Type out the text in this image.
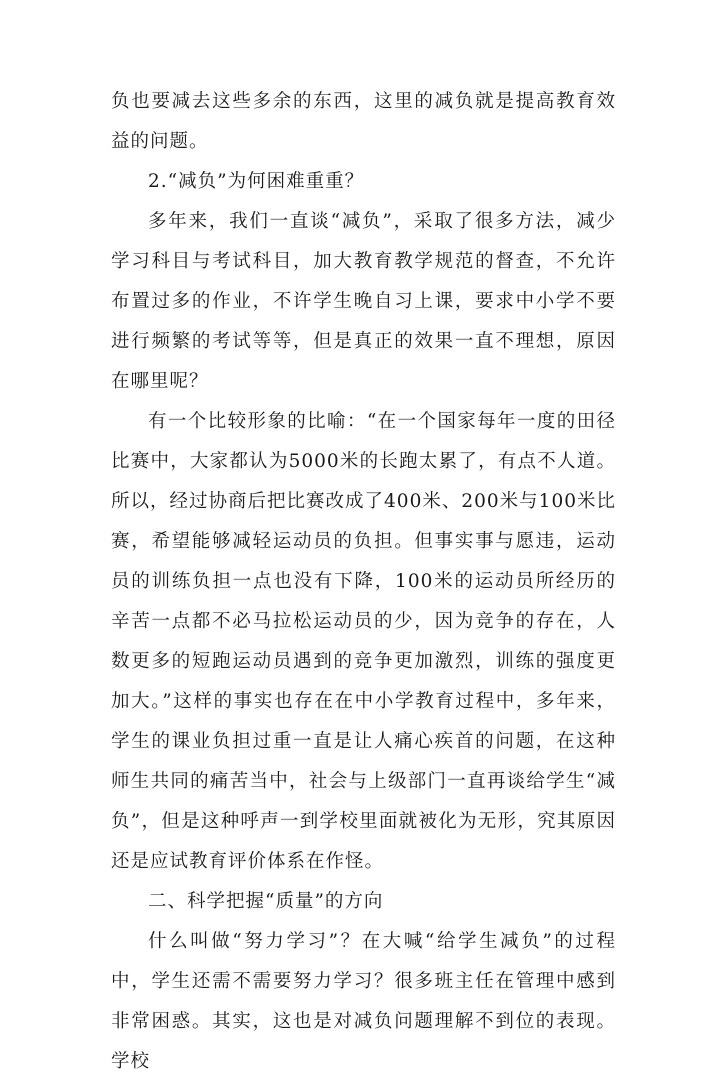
负也要减去这些多余的东西，这里的减负就是提高教育效益的问题。

2.“减负”为何困难重重？

多年来，我们一直谈“减负”，采取了很多方法，减少学习科目与考试科目，加大教育教学规范的督查，不允许布置过多的作业，不许学生晚自习上课，要求中小学不要进行频繁的考试等等，但是真正的效果一直不理想，原因在哪里呢？

有一个比较形象的比喻：“在一个国家每年一度的田径比赛中，大家都认为5000米的长跑太累了，有点不人道。所以，经过协商后把比赛改成了400米、200米与100米比赛，希望能够减轻运动员的负担。但事实事与愿违，运动员的训练负担一点也没有下降，100米的运动员所经历的辛苦一点都不必马拉松运动员的少，因为竞争的存在，人数更多的短跑运动员遇到的竞争更加激烈，训练的强度更加大。”这样的事实也存在在中小学教育过程中，多年来，学生的课业负担过重一直是让人痛心疾首的问题，在这种师生共同的痛苦当中，社会与上级部门一直再谈给学生“减负”，但是这种呼声一到学校里面就被化为无形，究其原因还是应试教育评价体系在作怪。

二、科学把握“质量”的方向

什么叫做“努力学习”？在大喊“给学生减负”的过程中，学生还需不需要努力学习？很多班主任在管理中感到非常困惑。其实，这也是对减负问题理解不到位的表现。学校
